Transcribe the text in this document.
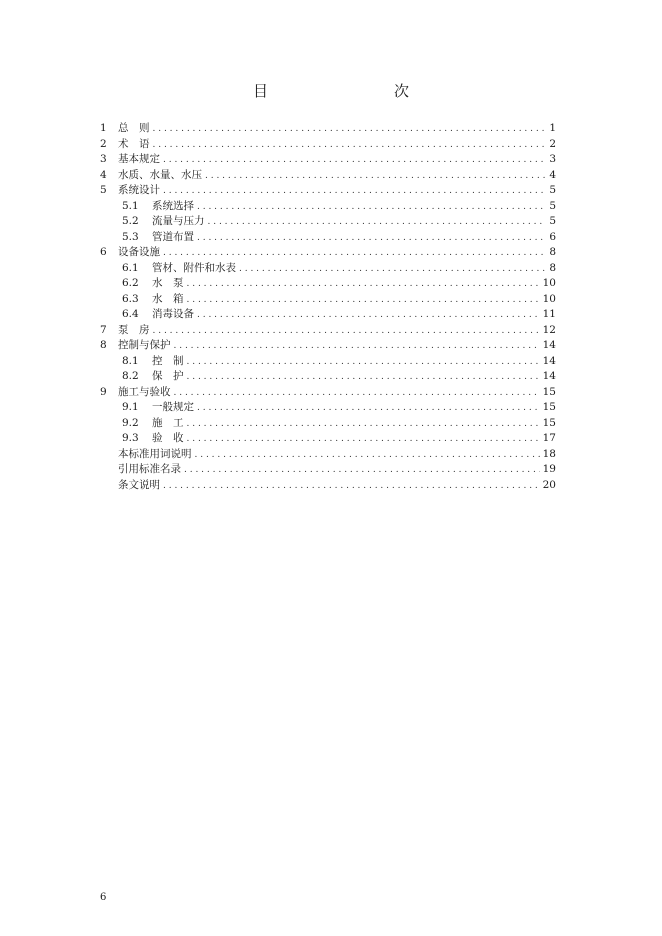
目　　次
1	总　则 . . .	1
2	术　语 . . .	2
3	基本规定 . . .	3
4	水质、水量、水压 . . .	4
5	系统设计 . . .	5
5.1	系统选择 . . .	5
5.2	流量与压力 . . .	5
5.3	管道布置 . . .	6
6	设备设施 . . .	8
6.1	管材、附件和水表 . . .	8
6.2	水　泵 . . .	10
6.3	水　箱 . . .	10
6.4	消毒设备 . . .	11
7	泵　房 . . .	12
8	控制与保护 . . .	14
8.1	控　制 . . .	14
8.2	保　护 . . .	14
9	施工与验收 . . .	15
9.1	一般规定 . . .	15
9.2	施　工 . . .	15
9.3	验　收 . . .	17
本标准用词说明 . . .	18
引用标准名录 . . .	19
条文说明 . . .	20
6
